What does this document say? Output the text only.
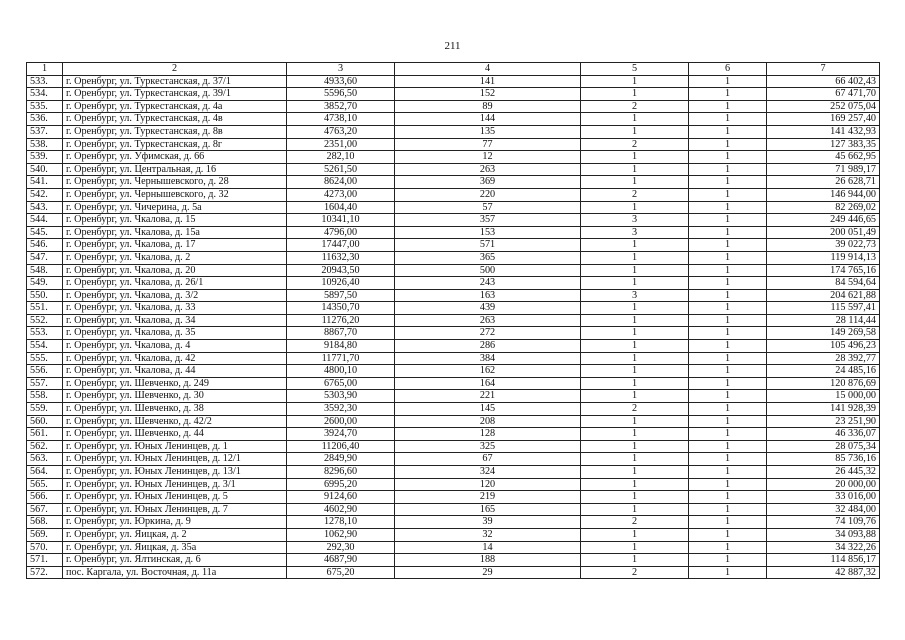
211
1	2	3	4	5	6	7
533.	г. Оренбург, ул. Туркестанская, д. 37/1	4933,60	141	1	1	66 402,43
534.	г. Оренбург, ул. Туркестанская, д. 39/1	5596,50	152	1	1	67 471,70
535.	г. Оренбург, ул. Туркестанская, д. 4а	3852,70	89	2	1	252 075,04
536.	г. Оренбург, ул. Туркестанская, д. 4в	4738,10	144	1	1	169 257,40
537.	г. Оренбург, ул. Туркестанская, д. 8в	4763,20	135	1	1	141 432,93
538.	г. Оренбург, ул. Туркестанская, д. 8г	2351,00	77	2	1	127 383,35
539.	г. Оренбург, ул. Уфимская, д. 66	282,10	12	1	1	45 662,95
540.	г. Оренбург, ул. Центральная, д. 16	5261,50	263	1	1	71 989,17
541.	г. Оренбург, ул. Чернышевского, д. 28	8624,00	369	1	1	26 628,71
542.	г. Оренбург, ул. Чернышевского, д. 32	4273,00	220	2	1	146 944,00
543.	г. Оренбург, ул. Чичерина, д. 5а	1604,40	57	1	1	82 269,02
544.	г. Оренбург, ул. Чкалова, д. 15	10341,10	357	3	1	249 446,65
545.	г. Оренбург, ул. Чкалова, д. 15а	4796,00	153	3	1	200 051,49
546.	г. Оренбург, ул. Чкалова, д. 17	17447,00	571	1	1	39 022,73
547.	г. Оренбург, ул. Чкалова, д. 2	11632,30	365	1	1	119 914,13
548.	г. Оренбург, ул. Чкалова, д. 20	20943,50	500	1	1	174 765,16
549.	г. Оренбург, ул. Чкалова, д. 26/1	10926,40	243	1	1	84 594,64
550.	г. Оренбург, ул. Чкалова, д. 3/2	5897,50	163	3	1	204 621,88
551.	г. Оренбург, ул. Чкалова, д. 33	14350,70	439	1	1	115 597,41
552.	г. Оренбург, ул. Чкалова, д. 34	11276,20	263	1	1	28 114,44
553.	г. Оренбург, ул. Чкалова, д. 35	8867,70	272	1	1	149 269,58
554.	г. Оренбург, ул. Чкалова, д. 4	9184,80	286	1	1	105 496,23
555.	г. Оренбург, ул. Чкалова, д. 42	11771,70	384	1	1	28 392,77
556.	г. Оренбург, ул. Чкалова, д. 44	4800,10	162	1	1	24 485,16
557.	г. Оренбург, ул. Шевченко, д. 249	6765,00	164	1	1	120 876,69
558.	г. Оренбург, ул. Шевченко, д. 30	5303,90	221	1	1	15 000,00
559.	г. Оренбург, ул. Шевченко, д. 38	3592,30	145	2	1	141 928,39
560.	г. Оренбург, ул. Шевченко, д. 42/2	2600,00	208	1	1	23 251,90
561.	г. Оренбург, ул. Шевченко, д. 44	3924,70	128	1	1	46 336,07
562.	г. Оренбург, ул. Юных Ленинцев, д. 1	11206,40	325	1	1	28 075,34
563.	г. Оренбург, ул. Юных Ленинцев, д. 12/1	2849,90	67	1	1	85 736,16
564.	г. Оренбург, ул. Юных Ленинцев, д. 13/1	8296,60	324	1	1	26 445,32
565.	г. Оренбург, ул. Юных Ленинцев, д. 3/1	6995,20	120	1	1	20 000,00
566.	г. Оренбург, ул. Юных Ленинцев, д. 5	9124,60	219	1	1	33 016,00
567.	г. Оренбург, ул. Юных Ленинцев, д. 7	4602,90	165	1	1	32 484,00
568.	г. Оренбург, ул. Юркина, д. 9	1278,10	39	2	1	74 109,76
569.	г. Оренбург, ул. Яицкая, д. 2	1062,90	32	1	1	34 093,88
570.	г. Оренбург, ул. Яицкая, д. 35а	292,30	14	1	1	34 322,26
571.	г. Оренбург, ул. Ялтинская, д. 6	4687,90	188	1	1	114 856,17
572.	пос. Каргала, ул. Восточная, д. 11а	675,20	29	2	1	42 887,32
